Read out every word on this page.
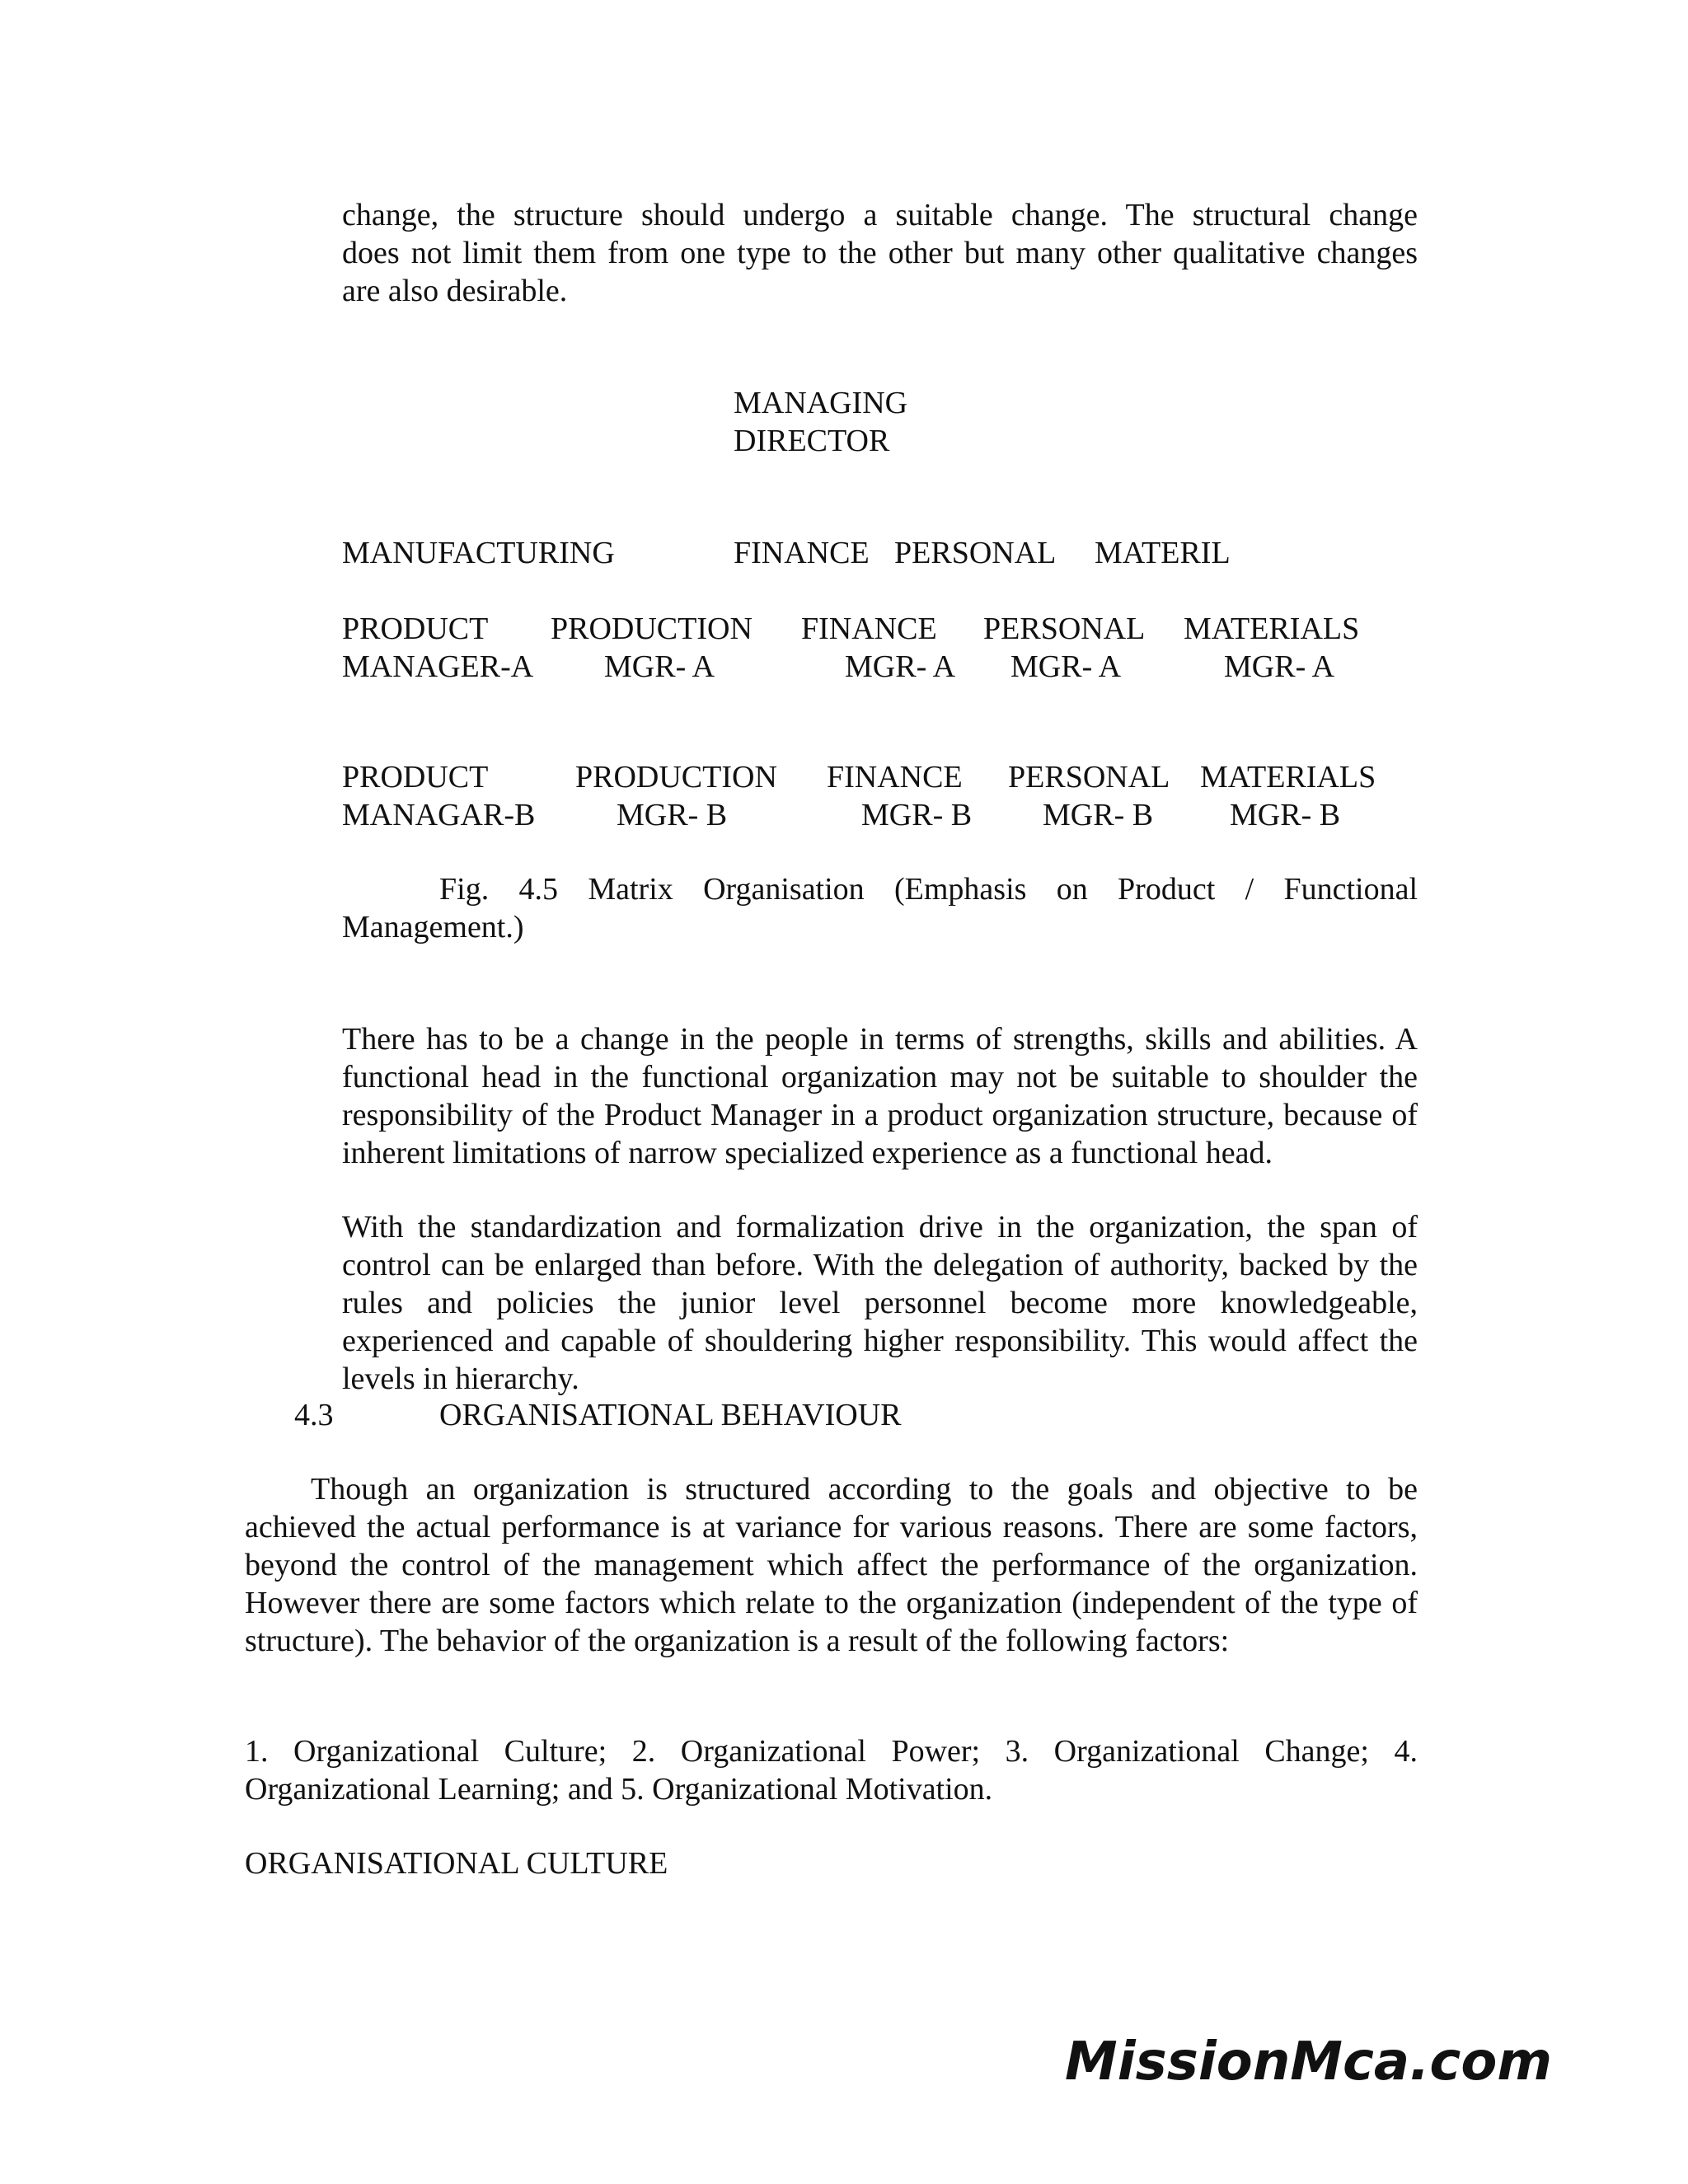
change, the structure should undergo a suitable change. The structural change
does not limit them from one type to the other but many other qualitative changes
are also desirable.
MANAGING
DIRECTOR
MANUFACTURING	FINANCE PERSONAL MATERIL
PRODUCT
MANAGER-A
PRODUCTION
MGR- A
FINANCE
MGR- A
PERSONAL
MGR- A
MATERIALS
MGR- A
PRODUCT
MANAGAR-B
PRODUCTION
MGR- B
FINANCE
MGR- B
PERSONAL
MGR- B
MATERIALS
MGR- B
Fig. 4.5 Matrix Organisation (Emphasis on Product / Functional
Management.)

There has to be a change in the people in terms of strengths, skills and abilities. A functional head in the functional organization may not be suitable to shoulder the responsibility of the Product Manager in a product organization structure, because of inherent limitations of narrow specialized experience as a functional head.

With the standardization and formalization drive in the organization, the span of control can be enlarged than before. With the delegation of authority, backed by the rules and policies the junior level personnel become more knowledgeable, experienced and capable of shouldering higher responsibility. This would affect the levels in hierarchy.

4.3	ORGANISATIONAL BEHAVIOUR

Though an organization is structured according to the goals and objective to be achieved the actual performance is at variance for various reasons. There are some factors, beyond the control of the management which affect the performance of the organization. However there are some factors which relate to the organization (independent of the type of structure). The behavior of the organization is a result of the following factors:

1. Organizational Culture; 2. Organizational Power; 3. Organizational Change; 4. Organizational Learning; and 5. Organizational Motivation.

ORGANISATIONAL CULTURE
MissionMca.com
